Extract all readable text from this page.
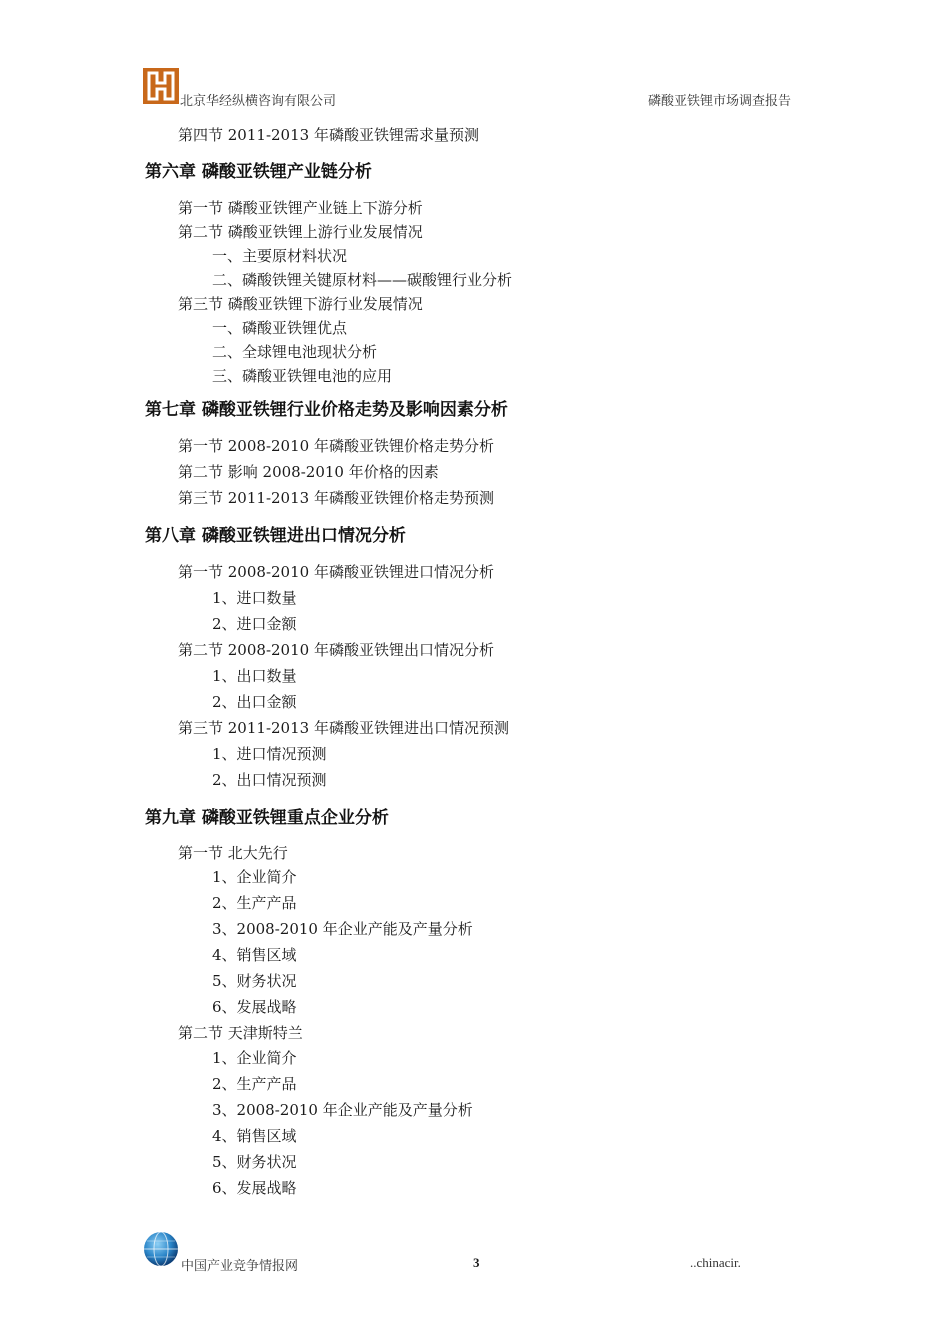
北京华经纵横咨询有限公司	磷酸亚铁锂市场调查报告
第四节 2011-2013 年磷酸亚铁锂需求量预测
第六章 磷酸亚铁锂产业链分析
第一节 磷酸亚铁锂产业链上下游分析
第二节 磷酸亚铁锂上游行业发展情况
一、主要原材料状况
二、磷酸铁锂关键原材料——碳酸锂行业分析
第三节 磷酸亚铁锂下游行业发展情况
一、磷酸亚铁锂优点
二、全球锂电池现状分析
三、磷酸亚铁锂电池的应用
第七章 磷酸亚铁锂行业价格走势及影响因素分析
第一节 2008-2010 年磷酸亚铁锂价格走势分析
第二节 影响 2008-2010 年价格的因素
第三节 2011-2013 年磷酸亚铁锂价格走势预测
第八章 磷酸亚铁锂进出口情况分析
第一节 2008-2010 年磷酸亚铁锂进口情况分析
1、进口数量
2、进口金额
第二节 2008-2010 年磷酸亚铁锂出口情况分析
1、出口数量
2、出口金额
第三节 2011-2013 年磷酸亚铁锂进出口情况预测
1、进口情况预测
2、出口情况预测
第九章 磷酸亚铁锂重点企业分析
第一节 北大先行
1、企业简介
2、生产产品
3、2008-2010 年企业产能及产量分析
4、销售区域
5、财务状况
6、发展战略
第二节 天津斯特兰
1、企业简介
2、生产产品
3、2008-2010 年企业产能及产量分析
4、销售区域
5、财务状况
6、发展战略
中国产业竞争情报网	3	..chinacir.
